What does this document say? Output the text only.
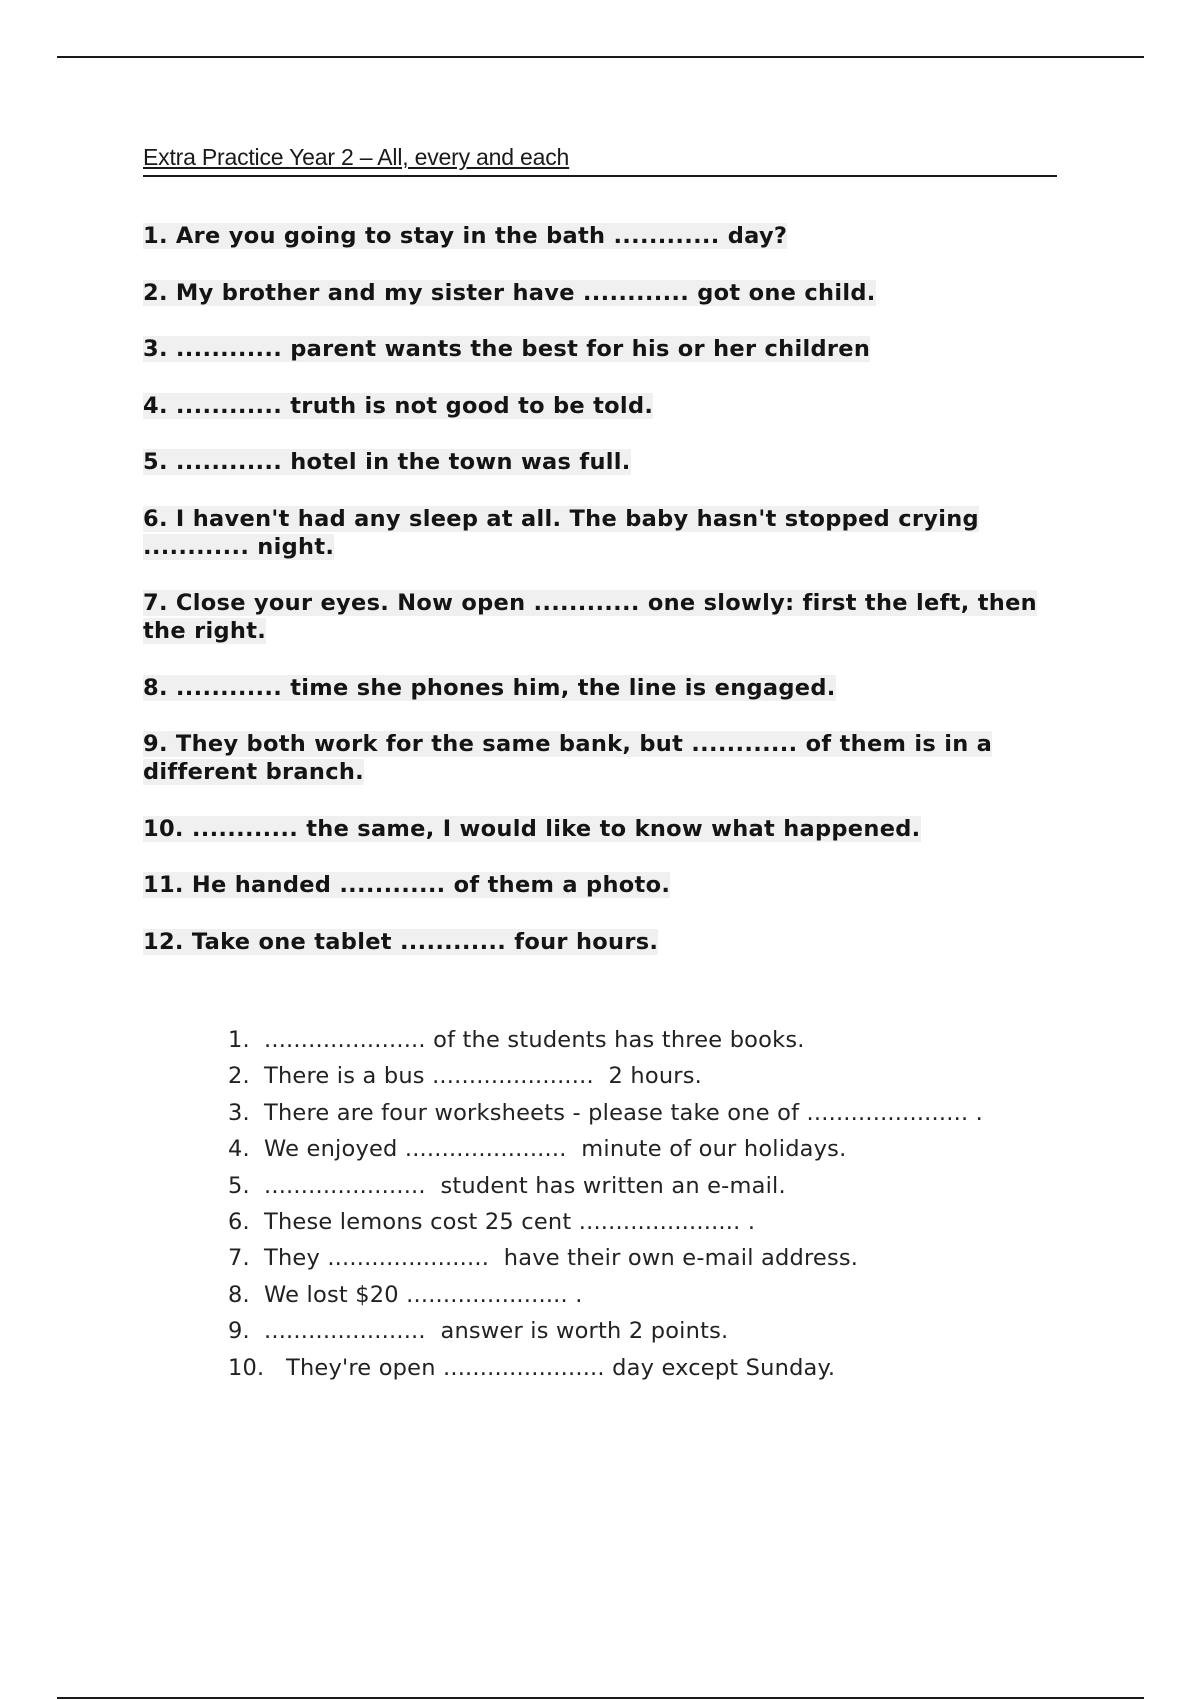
Extra Practice Year 2 – All, every and each
1. Are you going to stay in the bath ............ day?
2. My brother and my sister have ............ got one child.
3. ............ parent wants the best for his or her children
4. ............ truth is not good to be told.
5. ............ hotel in the town was full.
6. I haven't had any sleep at all. The baby hasn't stopped crying ............ night.
7. Close your eyes. Now open ............ one slowly: first the left, then the right.
8. ............ time she phones him, the line is engaged.
9. They both work for the same bank, but ............ of them is in a different branch.
10. ............ the same, I would like to know what happened.
11. He handed ............ of them a photo.
12. Take one tablet ............ four hours.
1. ...................... of the students has three books.
2. There is a bus ......................  2 hours.
3. There are four worksheets - please take one of ...................... .
4. We enjoyed ......................  minute of our holidays.
5. ......................  student has written an e-mail.
6. These lemons cost 25 cent ...................... .
7. They ......................  have their own e-mail address.
8. We lost $20 ...................... .
9. ......................  answer is worth 2 points.
10. They're open ...................... day except Sunday.
